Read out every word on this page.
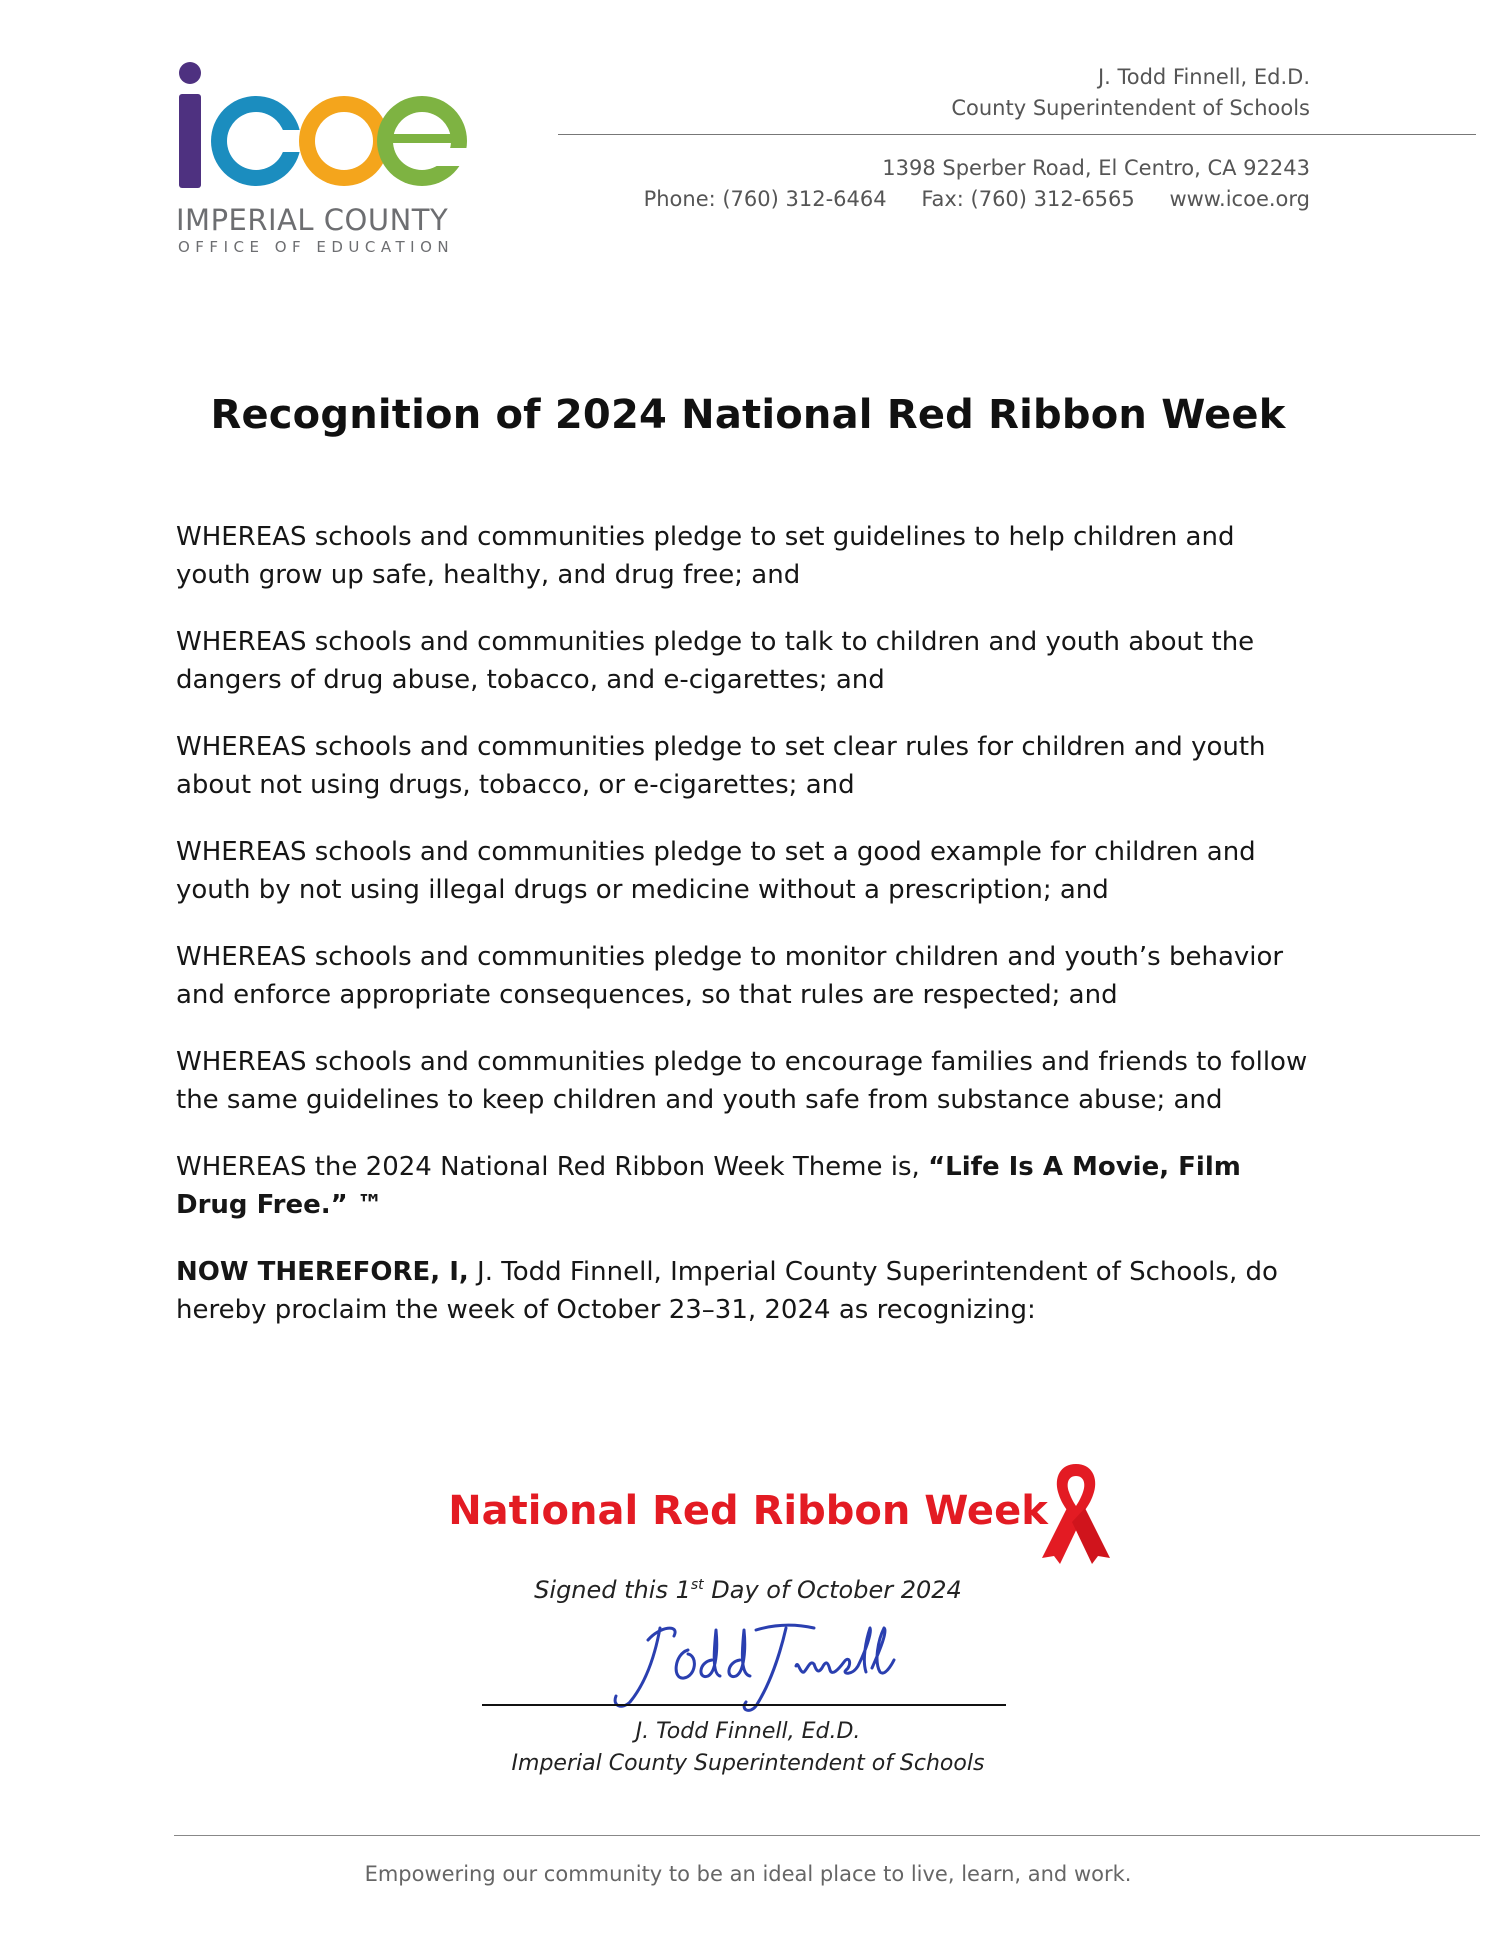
IMPERIAL COUNTY
OFFICE OF EDUCATION
J. Todd Finnell, Ed.D.
County Superintendent of Schools
1398 Sperber Road, El Centro, CA 92243
Phone: (760) 312-6464 Fax: (760) 312-6565 www.icoe.org
Recognition of 2024 National Red Ribbon Week

WHEREAS schools and communities pledge to set guidelines to help children and youth grow up safe, healthy, and drug free; and

WHEREAS schools and communities pledge to talk to children and youth about the dangers of drug abuse, tobacco, and e-cigarettes; and

WHEREAS schools and communities pledge to set clear rules for children and youth about not using drugs, tobacco, or e-cigarettes; and

WHEREAS schools and communities pledge to set a good example for children and youth by not using illegal drugs or medicine without a prescription; and

WHEREAS schools and communities pledge to monitor children and youth’s behavior and enforce appropriate consequences, so that rules are respected; and

WHEREAS schools and communities pledge to encourage families and friends to follow the same guidelines to keep children and youth safe from substance abuse; and

WHEREAS the 2024 National Red Ribbon Week Theme is, “Life Is A Movie, Film Drug Free.” ™

NOW THEREFORE, I, J. Todd Finnell, Imperial County Superintendent of Schools, do hereby proclaim the week of October 23–31, 2024 as recognizing:

National Red Ribbon Week
Signed this 1st Day of October 2024
J. Todd Finnell, Ed.D.
Imperial County Superintendent of Schools
Empowering our community to be an ideal place to live, learn, and work.
